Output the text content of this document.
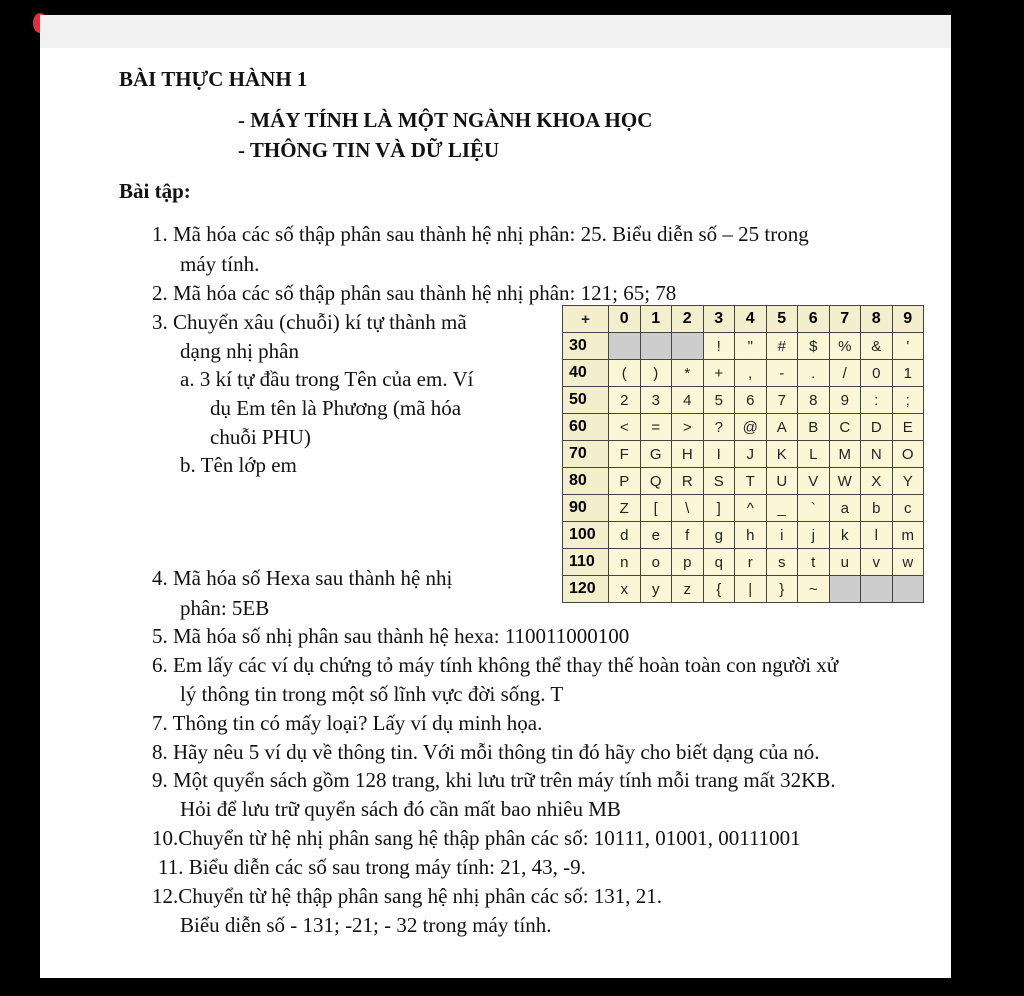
BÀI THỰC HÀNH 1
- MÁY TÍNH LÀ MỘT NGÀNH KHOA HỌC
- THÔNG TIN VÀ DỮ LIỆU
Bài tập:
1. Mã hóa các số thập phân sau thành hệ nhị phân: 25. Biểu diễn số – 25 trong
máy tính.
2. Mã hóa các số thập phân sau thành hệ nhị phân: 121; 65; 78
3. Chuyển xâu (chuỗi) kí tự thành mã
dạng nhị phân
a. 3 kí tự đầu trong Tên của em. Ví
dụ Em tên là Phương (mã hóa
chuỗi PHU)
b. Tên lớp em
4. Mã hóa số Hexa sau thành hệ nhị
phân: 5EB
5. Mã hóa số nhị phân sau thành hệ hexa: 110011000100
6. Em lấy các ví dụ chứng tỏ máy tính không thể thay thế hoàn toàn con người xử
lý thông tin trong một số lĩnh vực đời sống. T
7. Thông tin có mấy loại? Lấy ví dụ minh họa.
8. Hãy nêu 5 ví dụ về thông tin. Với mỗi thông tin đó hãy cho biết dạng của nó.
9. Một quyển sách gồm 128 trang, khi lưu trữ trên máy tính mỗi trang mất 32KB.
Hỏi để lưu trữ quyển sách đó cần mất bao nhiêu MB
10.Chuyển từ hệ nhị phân sang hệ thập phân các số: 10111, 01001, 00111001
11. Biểu diễn các số sau trong máy tính: 21, 43, -9.
12.Chuyển từ hệ thập phân sang hệ nhị phân các số: 131, 21.
Biểu diễn số - 131; -21; - 32 trong máy tính.
+	0	1	2	3	4	5	6	7	8	9
30				!	"	#	$	%	&	'
40	(	)	*	+	,	-	.	/	0	1
50	2	3	4	5	6	7	8	9	:	;
60	<	=	>	?	@	A	B	C	D	E
70	F	G	H	I	J	K	L	M	N	O
80	P	Q	R	S	T	U	V	W	X	Y
90	Z	[	\	]	^	_	`	a	b	c
100	d	e	f	g	h	i	j	k	l	m
110	n	o	p	q	r	s	t	u	v	w
120	x	y	z	{	|	}	~			
